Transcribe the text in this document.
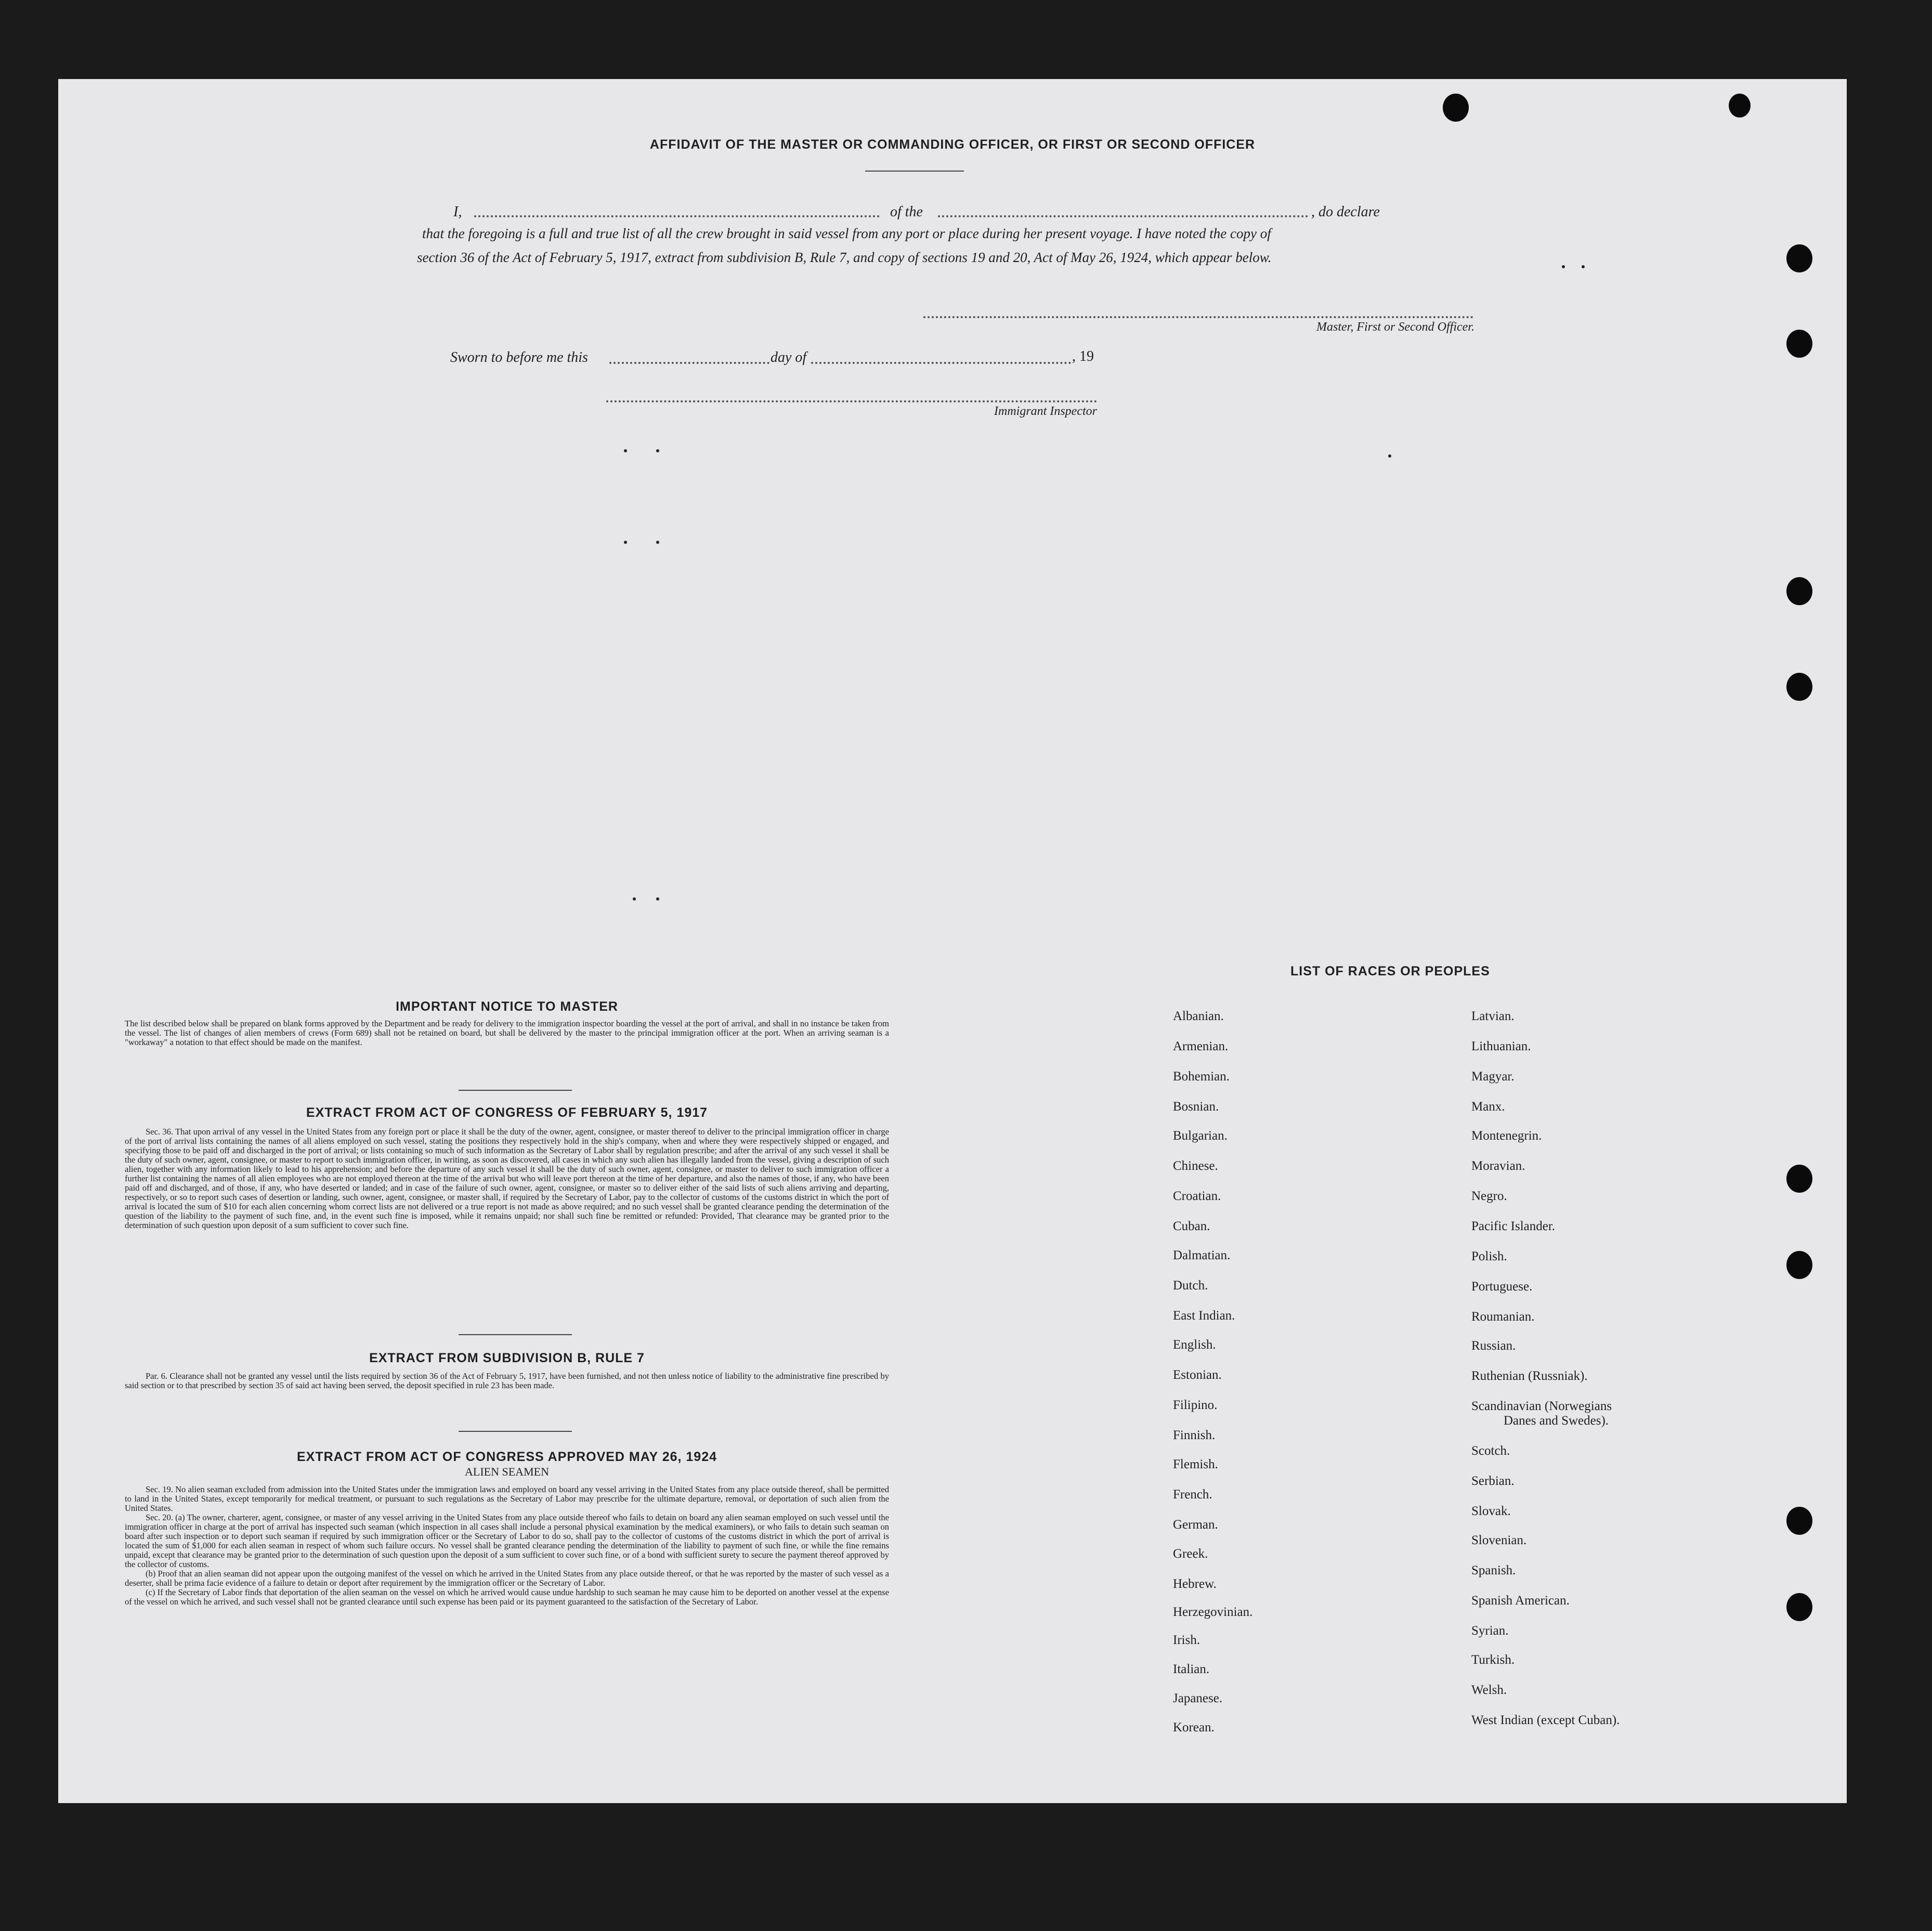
AFFIDAVIT OF THE MASTER OR COMMANDING OFFICER, OR FIRST OR SECOND OFFICER
I,	of the	, do declare
that the foregoing is a full and true list of all the crew brought in said vessel from any port or place during her present voyage. I have noted the copy of
section 36 of the Act of February 5, 1917, extract from subdivision B, Rule 7, and copy of sections 19 and 20, Act of May 26, 1924, which appear below.
Master, First or Second Officer.
Sworn to before me this	day of	, 19
Immigrant Inspector
IMPORTANT NOTICE TO MASTER
The list described below shall be prepared on blank forms approved by the Department and be ready for delivery to the immigration inspector boarding the vessel at the port of arrival, and shall in no instance be taken from the vessel. The list of changes of alien members of crews (Form 689) shall not be retained on board, but shall be delivered by the master to the principal immigration officer at the port. When an arriving seaman is a "workaway" a notation to that effect should be made on the manifest.
EXTRACT FROM ACT OF CONGRESS OF FEBRUARY 5, 1917

Sec. 36. That upon arrival of any vessel in the United States from any foreign port or place it shall be the duty of the owner, agent, consignee, or master thereof to deliver to the principal immigration officer in charge of the port of arrival lists containing the names of all aliens employed on such vessel, stating the positions they respectively hold in the ship's company, when and where they were respectively shipped or engaged, and specifying those to be paid off and discharged in the port of arrival; or lists containing so much of such information as the Secretary of Labor shall by regulation prescribe; and after the arrival of any such vessel it shall be the duty of such owner, agent, consignee, or master to report to such immigration officer, in writing, as soon as discovered, all cases in which any such alien has illegally landed from the vessel, giving a description of such alien, together with any information likely to lead to his apprehension; and before the departure of any such vessel it shall be the duty of such owner, agent, consignee, or master to deliver to such immigration officer a further list containing the names of all alien employees who are not employed thereon at the time of the arrival but who will leave port thereon at the time of her departure, and also the names of those, if any, who have been paid off and discharged, and of those, if any, who have deserted or landed; and in case of the failure of such owner, agent, consignee, or master so to deliver either of the said lists of such aliens arriving and departing, respectively, or so to report such cases of desertion or landing, such owner, agent, consignee, or master shall, if required by the Secretary of Labor, pay to the collector of customs of the customs district in which the port of arrival is located the sum of $10 for each alien concerning whom correct lists are not delivered or a true report is not made as above required; and no such vessel shall be granted clearance pending the determination of the question of the liability to the payment of such fine, and, in the event such fine is imposed, while it remains unpaid; nor shall such fine be remitted or refunded: Provided, That clearance may be granted prior to the determination of such question upon deposit of a sum sufficient to cover such fine.

EXTRACT FROM SUBDIVISION B, RULE 7

Par. 6. Clearance shall not be granted any vessel until the lists required by section 36 of the Act of February 5, 1917, have been furnished, and not then unless notice of liability to the administrative fine prescribed by said section or to that prescribed by section 35 of said act having been served, the deposit specified in rule 23 has been made.

EXTRACT FROM ACT OF CONGRESS APPROVED MAY 26, 1924
ALIEN SEAMEN

Sec. 19. No alien seaman excluded from admission into the United States under the immigration laws and employed on board any vessel arriving in the United States from any place outside thereof, shall be permitted to land in the United States, except temporarily for medical treatment, or pursuant to such regulations as the Secretary of Labor may prescribe for the ultimate departure, removal, or deportation of such alien from the United States.

Sec. 20. (a) The owner, charterer, agent, consignee, or master of any vessel arriving in the United States from any place outside thereof who fails to detain on board any alien seaman employed on such vessel until the immigration officer in charge at the port of arrival has inspected such seaman (which inspection in all cases shall include a personal physical examination by the medical examiners), or who fails to detain such seaman on board after such inspection or to deport such seaman if required by such immigration officer or the Secretary of Labor to do so, shall pay to the collector of customs of the customs district in which the port of arrival is located the sum of $1,000 for each alien seaman in respect of whom such failure occurs. No vessel shall be granted clearance pending the determination of the liability to payment of such fine, or while the fine remains unpaid, except that clearance may be granted prior to the determination of such question upon the deposit of a sum sufficient to cover such fine, or of a bond with sufficient surety to secure the payment thereof approved by the collector of customs.

(b) Proof that an alien seaman did not appear upon the outgoing manifest of the vessel on which he arrived in the United States from any place outside thereof, or that he was reported by the master of such vessel as a deserter, shall be prima facie evidence of a failure to detain or deport after requirement by the immigration officer or the Secretary of Labor.

(c) If the Secretary of Labor finds that deportation of the alien seaman on the vessel on which he arrived would cause undue hardship to such seaman he may cause him to be deported on another vessel at the expense of the vessel on which he arrived, and such vessel shall not be granted clearance until such expense has been paid or its payment guaranteed to the satisfaction of the Secretary of Labor.

LIST OF RACES OR PEOPLES
Albanian.
Armenian.
Bohemian.
Bosnian.
Bulgarian.
Chinese.
Croatian.
Cuban.
Dalmatian.
Dutch.
East Indian.
English.
Estonian.
Filipino.
Finnish.
Flemish.
French.
German.
Greek.
Hebrew.
Herzegovinian.
Irish.
Italian.
Japanese.
Korean.
Latvian.
Lithuanian.
Magyar.
Manx.
Montenegrin.
Moravian.
Negro.
Pacific Islander.
Polish.
Portuguese.
Roumanian.
Russian.
Ruthenian (Russniak).
Scandinavian (Norwegians
Danes and Swedes).
Scotch.
Serbian.
Slovak.
Slovenian.
Spanish.
Spanish American.
Syrian.
Turkish.
Welsh.
West Indian (except Cuban).
